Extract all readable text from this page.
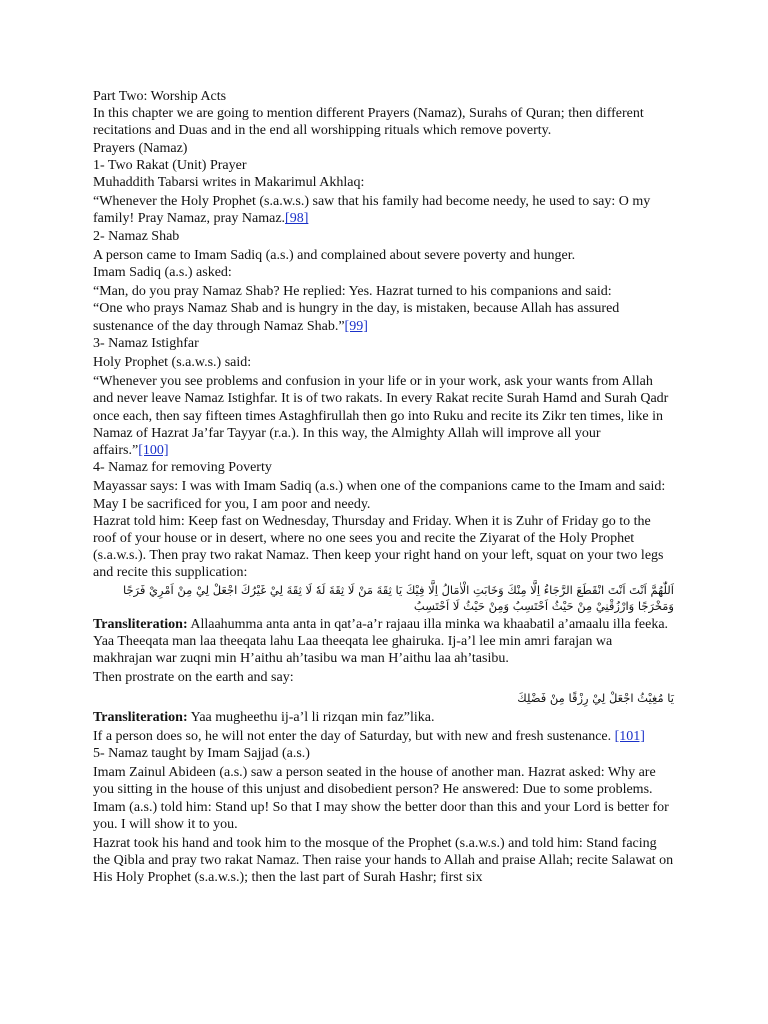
Part Two: Worship Acts

In this chapter we are going to mention different Prayers (Namaz), Surahs of Quran; then different recitations and Duas and in the end all worshipping rituals which remove poverty.

Prayers (Namaz)

1- Two Rakat (Unit) Prayer

Muhaddith Tabarsi writes in Makarimul Akhlaq:

“Whenever the Holy Prophet (s.a.w.s.) saw that his family had become needy, he used to say: O my family! Pray Namaz, pray Namaz.[98]

2- Namaz Shab

A person came to Imam Sadiq (a.s.) and complained about severe poverty and hunger.

Imam Sadiq (a.s.) asked:

“Man, do you pray Namaz Shab? He replied: Yes. Hazrat turned to his companions and said:

“One who prays Namaz Shab and is hungry in the day, is mistaken, because Allah has assured sustenance of the day through Namaz Shab.”[99]

3- Namaz Istighfar

Holy Prophet (s.a.w.s.) said:

“Whenever you see problems and confusion in your life or in your work, ask your wants from Allah and never leave Namaz Istighfar. It is of two rakats. In every Rakat recite Surah Hamd and Surah Qadr once each, then say fifteen times Astaghfirullah then go into Ruku and recite its Zikr ten times, like in Namaz of Hazrat Ja’far Tayyar (r.a.). In this way, the Almighty Allah will improve all your affairs.”[100]

4- Namaz for removing Poverty

Mayassar says: I was with Imam Sadiq (a.s.) when one of the companions came to the Imam and said: May I be sacrificed for you, I am poor and needy.

Hazrat told him: Keep fast on Wednesday, Thursday and Friday. When it is Zuhr of Friday go to the roof of your house or in desert, where no one sees you and recite the Ziyarat of the Holy Prophet (s.a.w.s.). Then pray two rakat Namaz. Then keep your right hand on your left, squat on your two legs and recite this supplication:

اَللّٰهُمَّ اَنْتَ اَنْتَ انْقَطَعَ الرَّجَاءُ اِلَّا مِنْكَ وَخَابَتِ الْاٰمَالُ اِلَّا فِيْكَ يَا ثِقَةَ مَنْ لَا ثِقَةَ لَهٗ لَا ثِقَةَ لِيْ غَيْرُكَ اجْعَلْ لِيْ مِنْ اَمْرِيْ فَرَجًا وَمَخْرَجًا وَارْزُقْنِيْ مِنْ حَيْثُ اَحْتَسِبُ وَمِنْ حَيْثُ لَا اَحْتَسِبُ

Transliteration: Allaahumma anta anta in qat’a-a’r rajaau illa minka wa khaabatil a’amaalu illa feeka. Yaa Theeqata man laa theeqata lahu Laa theeqata lee ghairuka. Ij-a’l lee min amri farajan wa makhrajan war zuqni min H’aithu ah’tasibu wa man H’aithu laa ah’tasibu.

Then prostrate on the earth and say:

يَا مُغِيْثُ اجْعَلْ لِيْ رِزْقًا مِنْ فَضْلِكَ

Transliteration: Yaa mugheethu ij-a’l li rizqan min faz”lika.

If a person does so, he will not enter the day of Saturday, but with new and fresh sustenance. [101]

5- Namaz taught by Imam Sajjad (a.s.)

Imam Zainul Abideen (a.s.) saw a person seated in the house of another man. Hazrat asked: Why are you sitting in the house of this unjust and disobedient person? He answered: Due to some problems. Imam (a.s.) told him: Stand up! So that I may show the better door than this and your Lord is better for you. I will show it to you.

Hazrat took his hand and took him to the mosque of the Prophet (s.a.w.s.) and told him: Stand facing the Qibla and pray two rakat Namaz. Then raise your hands to Allah and praise Allah; recite Salawat on His Holy Prophet (s.a.w.s.); then the last part of Surah Hashr; first six
